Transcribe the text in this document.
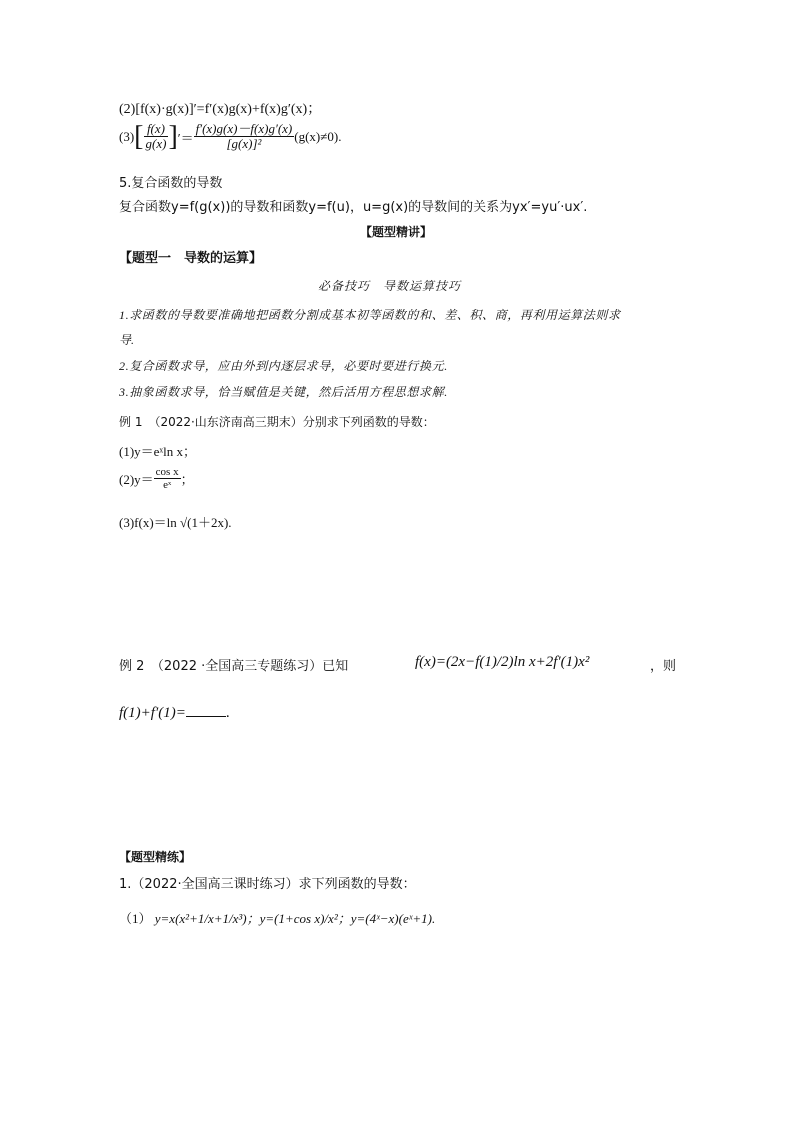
(2)[f(x)·g(x)]′=f′(x)g(x)+f(x)g′(x)；
$(3)[ \frac{f(x)}{g(x)}$ ]′＝ $\frac{f'(x)g(x)-f(x)g'(x)}{\text{[g(x)]²}} (g(x)\ne 0)$.
5.复合函数的导数
复合函数y=f(g(x))的导数和函数y=f(u)，u=g(x)的导数间的关系为yx′=yu′·ux′.
【题型精讲】
【题型一　导数的运算】
必备技巧　导数运算技巧
1.求函数的导数要准确地把函数分割成基本初等函数的和、差、积、商，再利用运算法则求
导.
2.复合函数求导，应由外到内逐层求导，必要时要进行换元.
3.抽象函数求导，恰当赋值是关键，然后活用方程思想求解.
例 1　（2022·山东济南高三期末）分别求下列函数的导数：
(1)y＝eˣln x；
$(2)y= \frac{\text{cos x}}{\text{eˣ}}$ ；
(3)f(x)＝ln √(1＋2x).
例 2　（2022 ·全国高三专题练习）已知	f(x)=(2x−f(1)/2)ln x+2f′(1)x²	，则
f(1)+f′(1)=	.
【题型精练】
1.（2022·全国高三课时练习）求下列函数的导数：
（1） y=x(x²+1/x+1/x³)；y=(1+cos x)/x²；y=(4ˣ−x)(eˣ+1).
